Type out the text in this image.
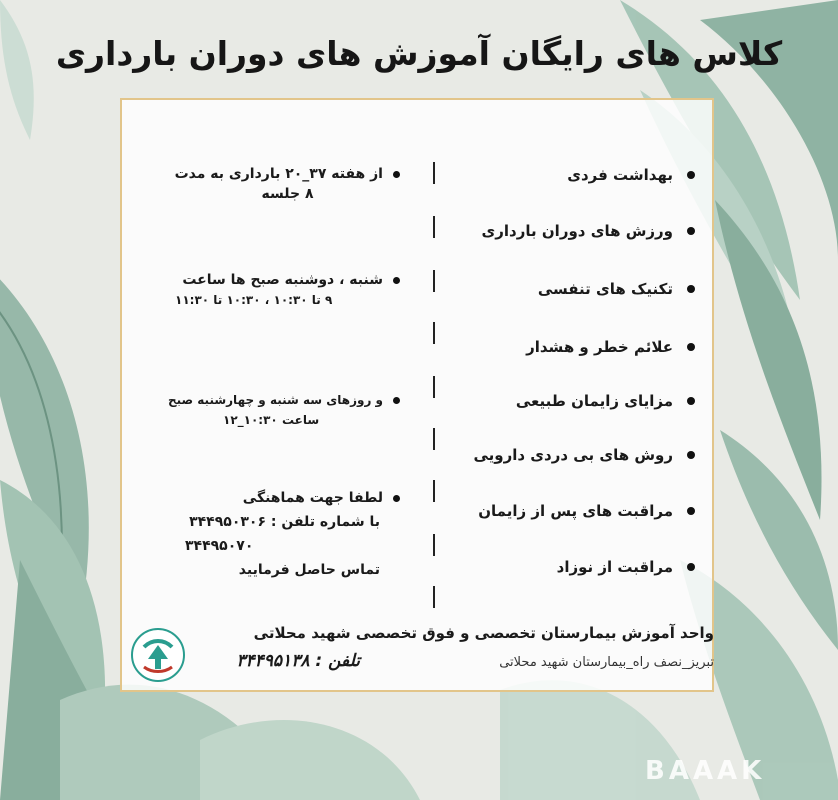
کلاس های رایگان آموزش های دوران بارداری
بهداشت فردی
ورزش های دوران بارداری
تکنیک های تنفسی
علائم خطر و هشدار
مزایای زایمان طبیعی
روش های بی دردی دارویی
مراقبت های پس از زایمان
مراقبت از نوزاد
از هفته ۳۷_۲۰ بارداری به مدت
۸ جلسه
شنبه ، دوشنبه صبح ها ساعت
۹ تا ۱۰:۳۰ ، ۱۰:۳۰ تا ۱۱:۳۰
و روزهای سه شنبه و چهارشنبه صبح
ساعت ۱۰:۳۰_۱۲
لطفا جهت هماهنگی
با شماره تلفن : ۳۴۴۹۵۰۳۰۶
۳۴۴۹۵۰۷۰
تماس حاصل فرمایید
واحد آموزش بیمارستان تخصصی و فوق تخصصی شهید محلاتی
تلفن : ۳۴۴۹۵۱۳۸	تبریز_نصف راه_بیمارستان شهید محلاتی
BAAAK
